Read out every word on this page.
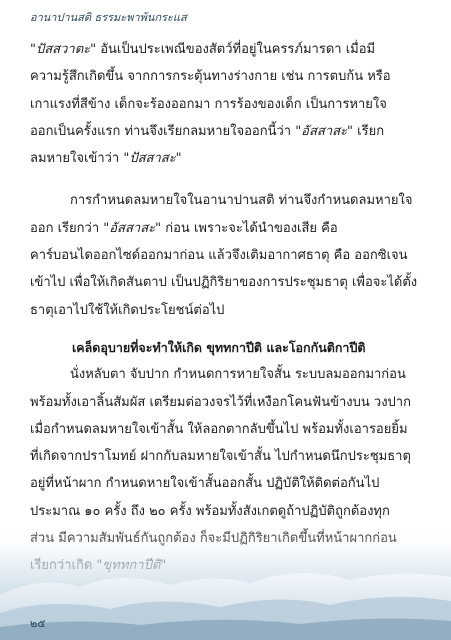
อานาปานสติ ธรรมะพาพ้นกระแส

"ปัสสวาตะ" อันเป็นประเพณีของสัตว์ที่อยู่ในครรภ์มารดา เมื่อมี
ความรู้สึกเกิดขึ้น จากการกระตุ้นทางร่างกาย เช่น การตบก้น หรือ
เกาแรงที่สีข้าง เด็กจะร้องออกมา การร้องของเด็ก เป็นการหายใจ
ออกเป็นครั้งแรก ท่านจึงเรียกลมหายใจออกนี้ว่า "อัสสาสะ" เรียก
ลมหายใจเข้าว่า "ปัสสาสะ"

การกำหนดลมหายใจในอานาปานสติ ท่านจึงกำหนดลมหายใจ
ออก เรียกว่า "อัสสาสะ" ก่อน เพราะจะได้นำของเสีย คือ
คาร์บอนไดออกไซด์ออกมาก่อน แล้วจึงเติมอากาศธาตุ คือ ออกซิเจน
เข้าไป เพื่อให้เกิดสันตาป เป็นปฏิกิริยาของการประชุมธาตุ เพื่อจะได้ตั้ง
ธาตุเอาไปใช้ให้เกิดประโยชน์ต่อไป

เคล็ดอุบายที่จะทำให้เกิด ขุททกาปีติ และโอกกันติกาปีติ

นั่งหลับตา จับปาก กำหนดการหายใจสั้น ระบบลมออกมาก่อน
พร้อมทั้งเอาลิ้นสัมผัส เตรียมต่อวงจรไว้ที่เหงือกโคนฟันข้างบน วงปาก
เมื่อกำหนดลมหายใจเข้าสั้น ให้ลอกตากลับขึ้นไป พร้อมทั้งเอารอยยิ้ม
ที่เกิดจากปราโมทย์ ฝากกับลมหายใจเข้าสั้น ไปกำหนดนึกประชุมธาตุ
อยู่ที่หน้าผาก กำหนดหายใจเข้าสั้นออกสั้น ปฏิบัติให้ติดต่อกันไป
ประมาณ ๑๐ ครั้ง ถึง ๒๐ ครั้ง พร้อมทั้งสังเกตดูถ้าปฏิบัติถูกต้องทุก

๒๕
